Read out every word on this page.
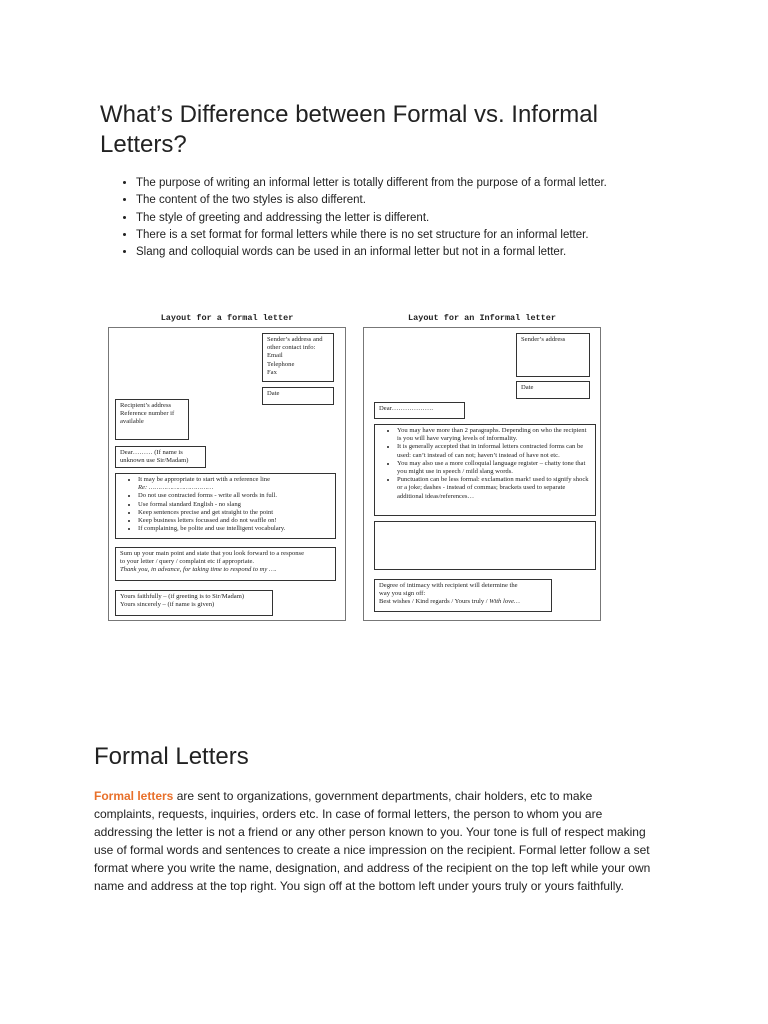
What’s Difference between Formal vs. Informal Letters?
• The purpose of writing an informal letter is totally different from the purpose of a formal letter.
• The content of the two styles is also different.
• The style of greeting and addressing the letter is different.
• There is a set format for formal letters while there is no set structure for an informal letter.
• Slang and colloquial words can be used in an informal letter but not in a formal letter.
Layout for a formal letter
Sender’s address and
other contact info:
Email
Telephone
Fax
Date
Recipient’s address
Reference number if
available
Dear……… (If name is
unknown use Sir/Madam)
• It may be appropriate to start with a reference line
Re: ……………………………
• Do not use contracted forms - write all words in full.
• Use formal standard English - no slang
• Keep sentences precise and get straight to the point
• Keep business letters focussed and do not waffle on!
• If complaining, be polite and use intelligent vocabulary.
Sum up your main point and state that you look forward to a response
to your letter / query / complaint etc if appropriate.
Thank you, in advance, for taking time to respond to my ….
Yours faithfully – (if greeting is to Sir/Madam)
Yours sincerely – (if name is given)
Layout for an Informal letter
Sender’s address
Date
Dear……………….
• You may have more than 2 paragraphs. Depending on who the recipient is you will have varying levels of informality.
• It is generally accepted that in informal letters contracted forms can be used: can’t instead of can not; haven’t instead of have not etc.
• You may also use a more colloquial language register – chatty tone that you might use in speech / mild slang words.
• Punctuation can be less formal: exclamation mark! used to signify shock or a joke; dashes - instead of commas; brackets used to separate additional ideas/references…
Degree of intimacy with recipient will determine the
way you sign off:
Best wishes / Kind regards / Yours truly / With love…
Formal Letters

Formal letters are sent to organizations, government departments, chair holders, etc to make complaints, requests, inquiries, orders etc. In case of formal letters, the person to whom you are addressing the letter is not a friend or any other person known to you. Your tone is full of respect making use of formal words and sentences to create a nice impression on the recipient. Formal letter follow a set format where you write the name, designation, and address of the recipient on the top left while your own name and address at the top right. You sign off at the bottom left under yours truly or yours faithfully.
